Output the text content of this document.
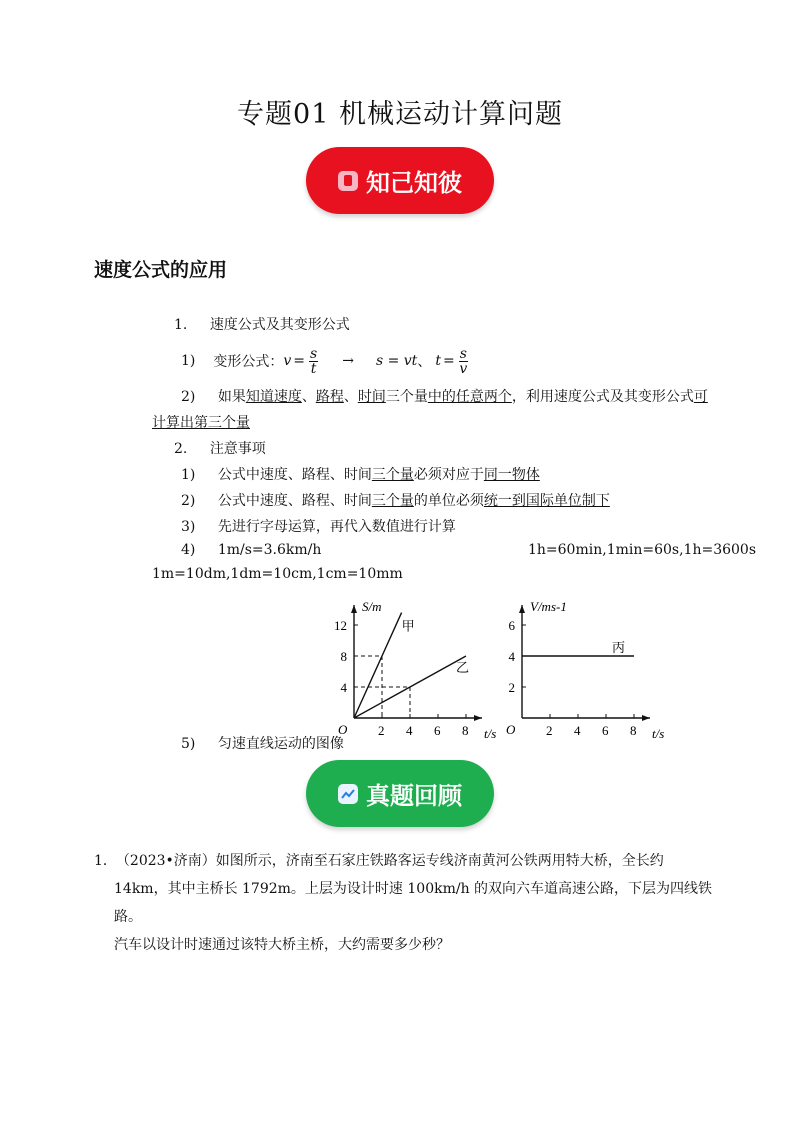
专题01 机械运动计算问题
知己知彼
速度公式的应用
1. 速度公式及其变形公式
1) 变形公式： $v = \frac{s}{t} \to s$ = vt 、 $t = \frac{s}{v}$
2) 如果知道速度、路程、时间三个量中的任意两个，利用速度公式及其变形公式可
计算出第三个量
2. 注意事项
1) 公式中速度、路程、时间三个量必须对应于同一物体
2) 公式中速度、路程、时间三个量的单位必须统一到国际单位制下
3) 先进行字母运算，再代入数值进行计算
4) 1m/s=3.6km/h	1h=60min,1min=60s,1h=3600s
1m=10dm,1dm=10cm,1cm=10mm
S/m
t/s
O 2 4 6 8
4
8
12	甲
乙
V/ms-1
t/s
O 2 4 6 8
2
4
6
丙
5) 匀速直线运动的图像
真题回顾
1． （2023•济南）如图所示，济南至石家庄铁路客运专线济南黄河公铁两用特大桥，全长约
14km，其中主桥长 1792m。上层为设计时速 100km/h 的双向六车道高速公路，下层为四线铁路。
汽车以设计时速通过该特大桥主桥，大约需要多少秒？
